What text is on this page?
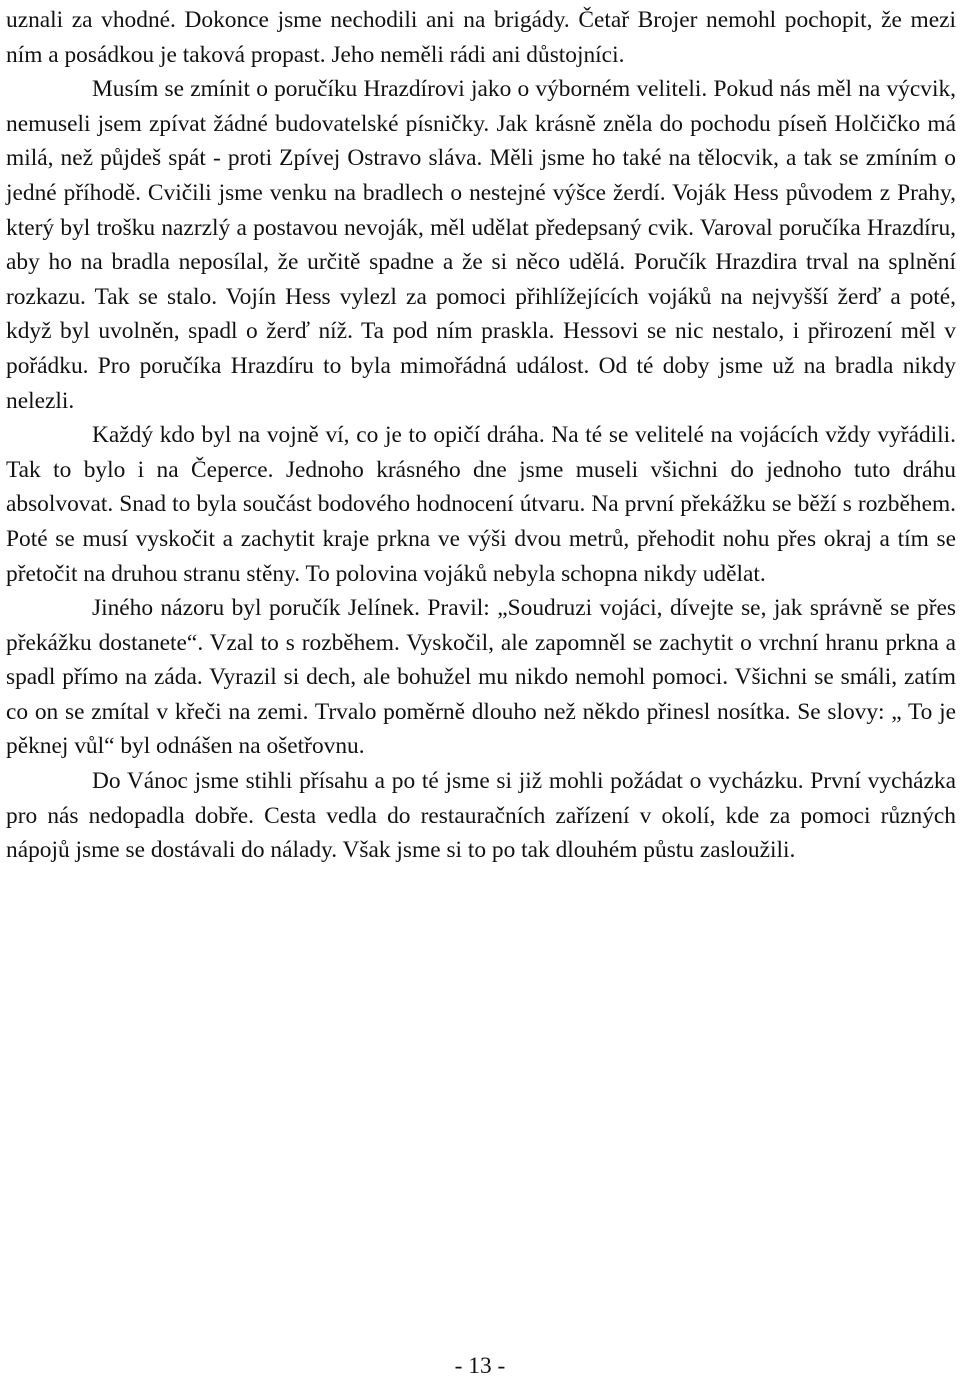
uznali za vhodné. Dokonce jsme nechodili ani na brigády. Četař Brojer nemohl pochopit, že mezi ním a posádkou je taková propast. Jeho neměli rádi ani důstojníci.

Musím se zmínit o poručíku Hrazdírovi jako o výborném veliteli. Pokud nás měl na výcvik, nemuseli jsem zpívat žádné budovatelské písničky. Jak krásně zněla do pochodu píseň Holčičko má milá, než půjdeš spát - proti Zpívej Ostravo sláva. Měli jsme ho také na tělocvik, a tak se zmíním o jedné příhodě. Cvičili jsme venku na bradlech o nestejné výšce žerdí. Voják Hess původem z Prahy, který byl trošku nazrzlý a postavou nevoják, měl udělat předepsaný cvik. Varoval poručíka Hrazdíru, aby ho na bradla neposílal, že určitě spadne a že si něco udělá. Poručík Hrazdira trval na splnění rozkazu. Tak se stalo. Vojín Hess vylezl za pomoci přihlížejících vojáků na nejvyšší žerď a poté, když byl uvolněn, spadl o žerď níž. Ta pod ním praskla. Hessovi se nic nestalo, i přirození měl v pořádku. Pro poručíka Hrazdíru to byla mimořádná událost. Od té doby jsme už na bradla nikdy nelezli.

Každý kdo byl na vojně ví, co je to opičí dráha. Na té se velitelé na vojácích vždy vyřádili. Tak to bylo i na Čeperce. Jednoho krásného dne jsme museli všichni do jednoho tuto dráhu absolvovat. Snad to byla součást bodového hodnocení útvaru. Na první překážku se běží s rozběhem. Poté se musí vyskočit a zachytit kraje prkna ve výši dvou metrů, přehodit nohu přes okraj a tím se přetočit na druhou stranu stěny. To polovina vojáků nebyla schopna nikdy udělat.

Jiného názoru byl poručík Jelínek. Pravil: „Soudruzi vojáci, dívejte se, jak správně se přes překážku dostanete“. Vzal to s rozběhem. Vyskočil, ale zapomněl se zachytit o vrchní hranu prkna a spadl přímo na záda. Vyrazil si dech, ale bohužel mu nikdo nemohl pomoci. Všichni se smáli, zatím co on se zmítal v křeči na zemi. Trvalo poměrně dlouho než někdo přinesl nosítka. Se slovy: „ To je pěknej vůl“ byl odnášen na ošetřovnu.

Do Vánoc jsme stihli přísahu a po té jsme si již mohli požádat o vycházku. První vycházka pro nás nedopadla dobře. Cesta vedla do restauračních zařízení v okolí, kde za pomoci různých nápojů jsme se dostávali do nálady. Však jsme si to po tak dlouhém půstu zasloužili.

- 13 -
